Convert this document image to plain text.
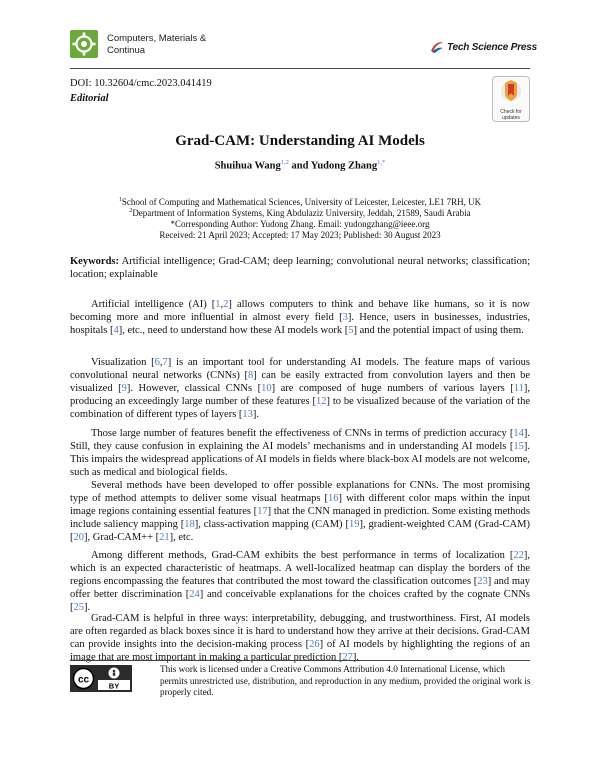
Computers, Materials &
Continua	Tech Science Press
DOI: 10.32604/cmc.2023.041419
Editorial
Check for
updates
Grad-CAM: Understanding AI Models
Shuihua Wang$^{1,2}$ and Yudong Zhang$^{1,*}$
$^1$School of Computing and Mathematical Sciences, University of Leicester, Leicester, LE1 7RH, UK
$^2$Department of Information Systems, King Abdulaziz University, Jeddah, 21589, Saudi Arabia
*Corresponding Author: Yudong Zhang. Email: yudongzhang@ieee.org
Received: 21 April 2023; Accepted: 17 May 2023; Published: 30 August 2023
Keywords: Artificial intelligence; Grad-CAM; deep learning; convolutional neural networks; classification; location; explainable

Artificial intelligence (AI) [1,2] allows computers to think and behave like humans, so it is now becoming more and more influential in almost every field [3]. Hence, users in businesses, industries, hospitals [4], etc., need to understand how these AI models work [5] and the potential impact of using them.

Visualization [6,7] is an important tool for understanding AI models. The feature maps of various convolutional neural networks (CNNs) [8] can be easily extracted from convolution layers and then be visualized [9]. However, classical CNNs [10] are composed of huge numbers of various layers [11], producing an exceedingly large number of these features [12] to be visualized because of the variation of the combination of different types of layers [13].

Those large number of features benefit the effectiveness of CNNs in terms of prediction accuracy [14]. Still, they cause confusion in explaining the AI models’ mechanisms and in understanding AI models [15]. This impairs the widespread applications of AI models in fields where black-box AI models are not welcome, such as medical and biological fields.

Several methods have been developed to offer possible explanations for CNNs. The most promising type of method attempts to deliver some visual heatmaps [16] with different color maps within the input image regions containing essential features [17] that the CNN managed in prediction. Some existing methods include saliency mapping [18], class-activation mapping (CAM) [19], gradient-weighted CAM (Grad-CAM) [20], Grad-CAM++ [21], etc.

Among different methods, Grad-CAM exhibits the best performance in terms of localization [22], which is an expected characteristic of heatmaps. A well-localized heatmap can display the borders of the regions encompassing the features that contributed the most toward the classification outcomes [23] and may offer better discrimination [24] and conceivable explanations for the choices crafted by the cognate CNNs [25].

Grad-CAM is helpful in three ways: interpretability, debugging, and trustworthiness. First, AI models are often regarded as black boxes since it is hard to understand how they arrive at their decisions. Grad-CAM can provide insights into the decision-making process [26] of AI models by highlighting the regions of an image that are most important in making a particular prediction [27].

cc
BY
This work is licensed under a Creative Commons Attribution 4.0 International License, which permits unrestricted use, distribution, and reproduction in any medium, provided the original work is properly cited.
